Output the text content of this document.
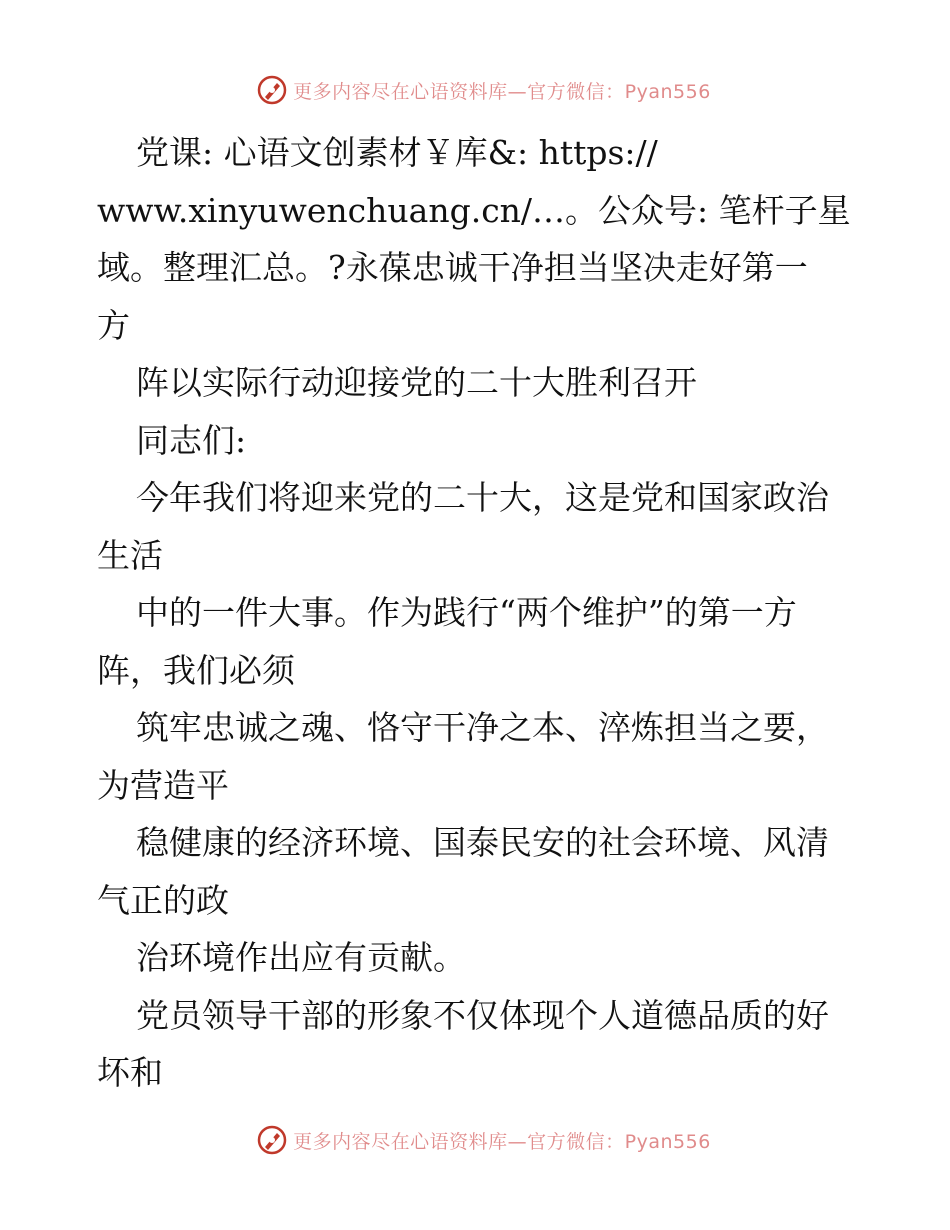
更多内容尽在心语资料库—官方微信：Pyan556
党课: 心语文创素材￥库&: https://
www.xinyuwenchuang.cn/…。公众号: 笔杆子星
域。整理汇总。?永葆忠诚干净担当坚决走好第一
方
阵以实际行动迎接党的二十大胜利召开
同志们:
今年我们将迎来党的二十大，这是党和国家政治
生活
中的一件大事。作为践行“两个维护”的第一方
阵，我们必须
筑牢忠诚之魂、恪守干净之本、淬炼担当之要，
为营造平
稳健康的经济环境、国泰民安的社会环境、风清
气正的政
治环境作出应有贡献。
党员领导干部的形象不仅体现个人道德品质的好
坏和
更多内容尽在心语资料库—官方微信：Pyan556
